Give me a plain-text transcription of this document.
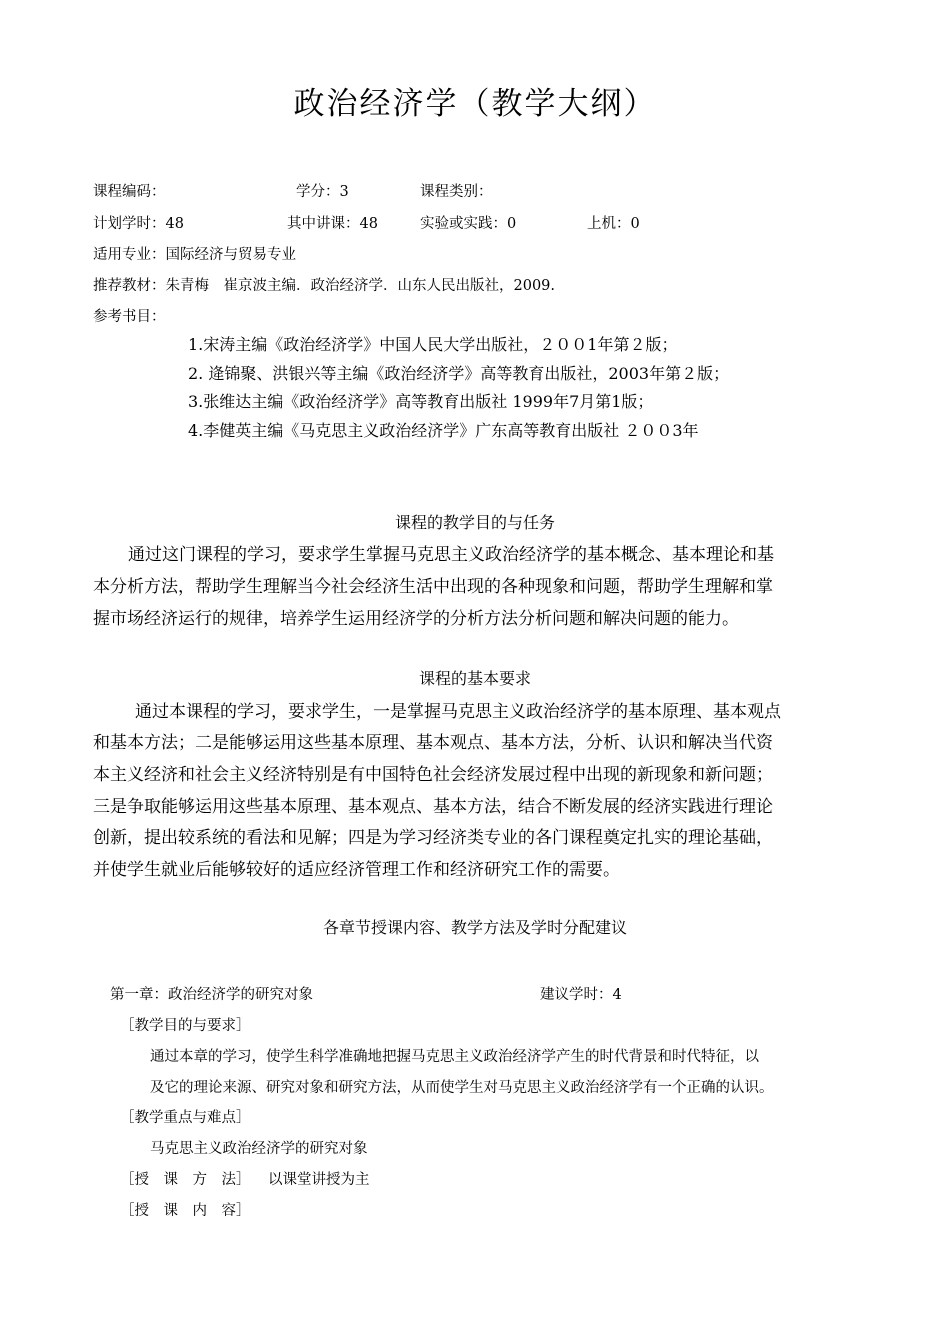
政治经济学（教学大纲）
课程编码：	学分：3	课程类别：
计划学时：48	其中讲课：48	实验或实践：0	上机：0
适用专业：国际经济与贸易专业
推荐教材：朱青梅　崔京波主编．政治经济学．山东人民出版社，2009.
参考书目：
1.宋涛主编《政治经济学》中国人民大学出版社，２００1年第２版；
2. 逄锦聚、洪银兴等主编《政治经济学》高等教育出版社，2003年第２版；
3.张维达主编《政治经济学》高等教育出版社 1999年7月第1版；
4.李健英主编《马克思主义政治经济学》广东高等教育出版社 ２００3年
课程的教学目的与任务
通过这门课程的学习，要求学生掌握马克思主义政治经济学的基本概念、基本理论和基
本分析方法，帮助学生理解当今社会经济生活中出现的各种现象和问题，帮助学生理解和掌
握市场经济运行的规律，培养学生运用经济学的分析方法分析问题和解决问题的能力。
课程的基本要求
通过本课程的学习，要求学生，一是掌握马克思主义政治经济学的基本原理、基本观点
和基本方法；二是能够运用这些基本原理、基本观点、基本方法，分析、认识和解决当代资
本主义经济和社会主义经济特别是有中国特色社会经济发展过程中出现的新现象和新问题；
三是争取能够运用这些基本原理、基本观点、基本方法，结合不断发展的经济实践进行理论
创新，提出较系统的看法和见解；四是为学习经济类专业的各门课程奠定扎实的理论基础，
并使学生就业后能够较好的适应经济管理工作和经济研究工作的需要。
各章节授课内容、教学方法及学时分配建议
第一章：政治经济学的研究对象	建议学时：4
［教学目的与要求］
通过本章的学习，使学生科学准确地把握马克思主义政治经济学产生的时代背景和时代特征，以
及它的理论来源、研究对象和研究方法，从而使学生对马克思主义政治经济学有一个正确的认识。
［教学重点与难点］
马克思主义政治经济学的研究对象
［授　课　方　法］ 以课堂讲授为主
［授　课　内　容］
